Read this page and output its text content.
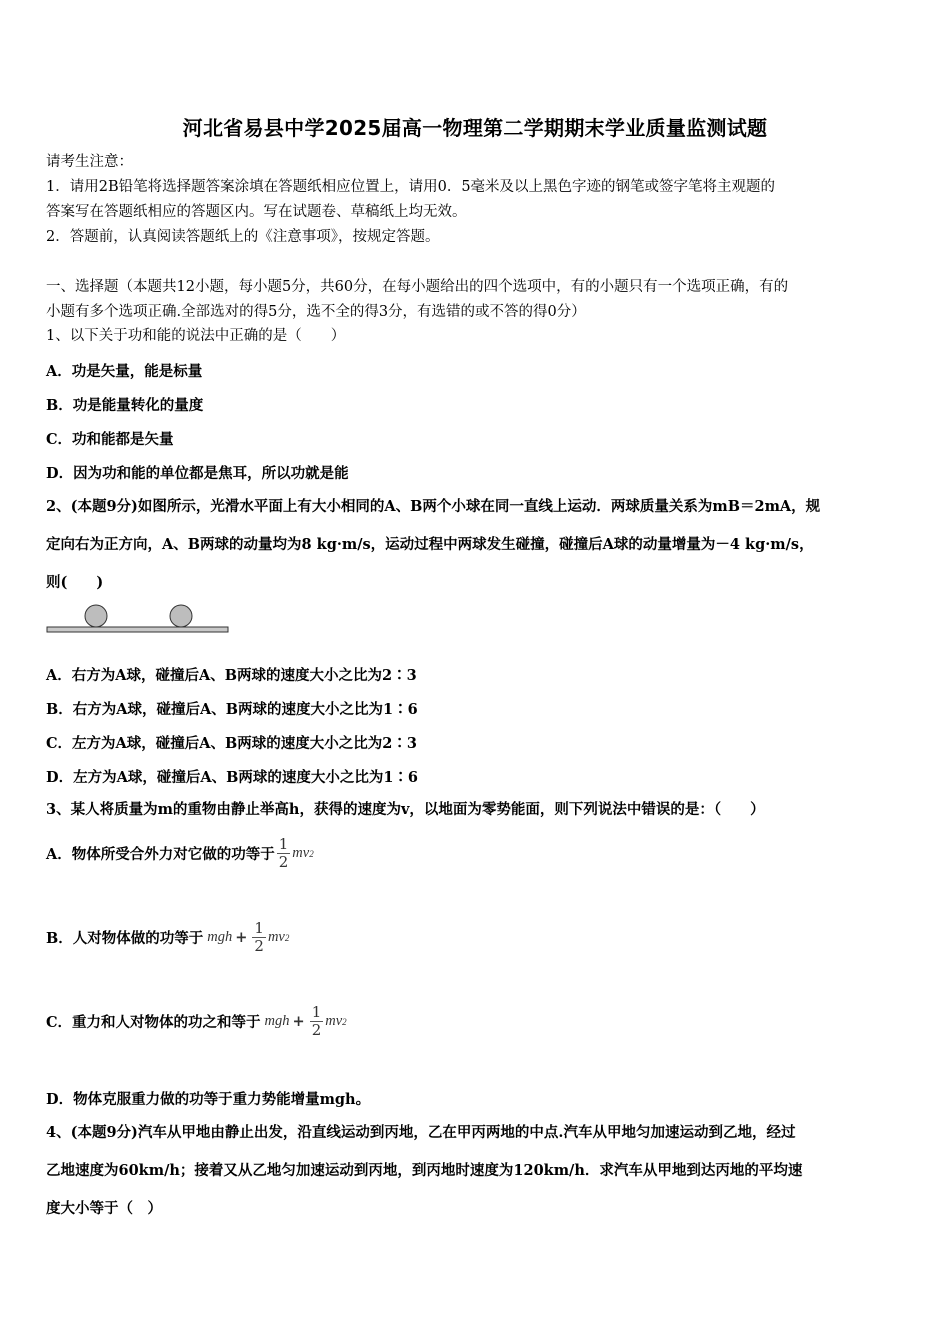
河北省易县中学2025届高一物理第二学期期末学业质量监测试题
请考生注意：
1．请用2B铅笔将选择题答案涂填在答题纸相应位置上，请用0．5毫米及以上黑色字迹的钢笔或签字笔将主观题的
答案写在答题纸相应的答题区内。写在试题卷、草稿纸上均无效。
2．答题前，认真阅读答题纸上的《注意事项》，按规定答题。
一、选择题（本题共12小题，每小题5分，共60分，在每小题给出的四个选项中，有的小题只有一个选项正确，有的
小题有多个选项正确.全部选对的得5分，选不全的得3分，有选错的或不答的得0分）
1、以下关于功和能的说法中正确的是（　　）
A．功是矢量，能是标量
B．功是能量转化的量度
C．功和能都是矢量
D．因为功和能的单位都是焦耳，所以功就是能
2、(本题9分)如图所示，光滑水平面上有大小相同的A、B两个小球在同一直线上运动．两球质量关系为mB＝2mA，规
定向右为正方向，A、B两球的动量均为8 kg·m/s，运动过程中两球发生碰撞，碰撞后A球的动量增量为－4 kg·m/s，
则(　　)
A．右方为A球，碰撞后A、B两球的速度大小之比为2∶3
B．右方为A球，碰撞后A、B两球的速度大小之比为1∶6
C．左方为A球，碰撞后A、B两球的速度大小之比为2∶3
D．左方为A球，碰撞后A、B两球的速度大小之比为1∶6
3、某人将质量为m的重物由静止举高h，获得的速度为v，以地面为零势能面，则下列说法中错误的是：（　　）
A．物体所受合外力对它做的功等于 $\frac{1}{2}$ mv 2
B．人对物体做的功等于 mgh + $\frac{1}{2}$ mv 2
C．重力和人对物体的功之和等于 mgh + $\frac{1}{2}$ mv 2
D．物体克服重力做的功等于重力势能增量mgh。
4、(本题9分)汽车从甲地由静止出发，沿直线运动到丙地，乙在甲丙两地的中点.汽车从甲地匀加速运动到乙地，经过
乙地速度为60km/h；接着又从乙地匀加速运动到丙地，到丙地时速度为120km/h．求汽车从甲地到达丙地的平均速
度大小等于（　）
